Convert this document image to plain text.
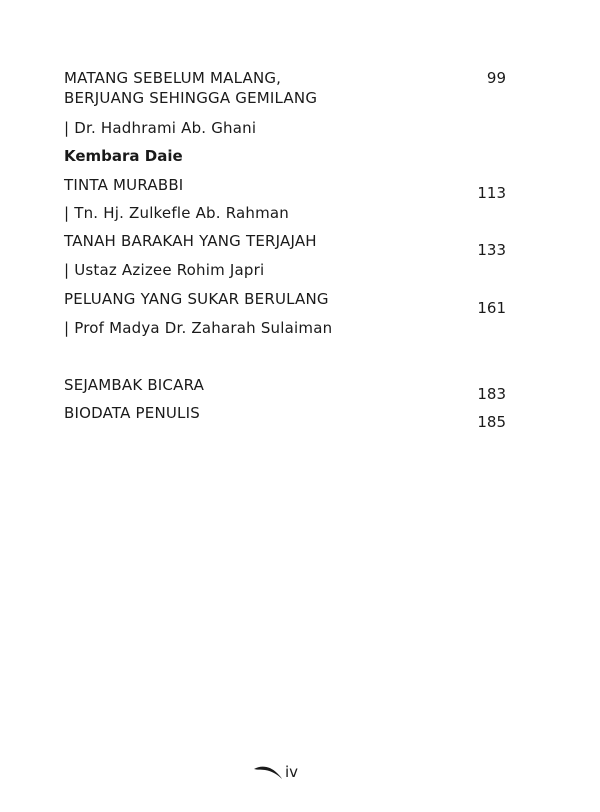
MATANG SEBELUM MALANG,
BERJUANG SEHINGGA GEMILANG
99
| Dr. Hadhrami Ab. Ghani
Kembara Daie
TINTA MURABBI	113
| Tn. Hj. Zulkefle Ab. Rahman
TANAH BARAKAH YANG TERJAJAH	133
| Ustaz Azizee Rohim Japri
PELUANG YANG SUKAR BERULANG	161
| Prof Madya Dr. Zaharah Sulaiman
SEJAMBAK BICARA	183
BIODATA PENULIS	185
iv
